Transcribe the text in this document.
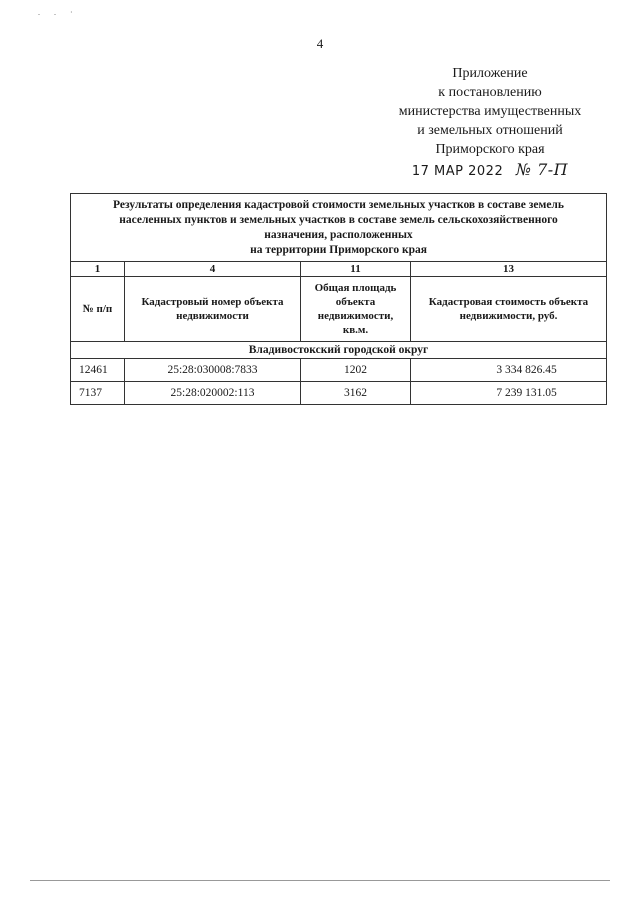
. . ·
4
Приложение
к постановлению
министерства имущественных
и земельных отношений
Приморского края
17 МАР 2022 № 7-П
Результаты определения кадастровой стоимости земельных участков в составе земель
населенных пунктов и земельных участков в составе земель сельскохозяйственного
назначения, расположенных
на территории Приморского края			

1	4	11	13
№ п/п	Кадастровый номер объекта недвижимости	Общая площадь объекта недвижимости, кв.м.	Кадастровая стоимость объекта недвижимости, руб.
Владивостокский городской округ			
12461	25:28:030008:7833	1202	3 334 826.45
7137	25:28:020002:113	3162	7 239 131.05
